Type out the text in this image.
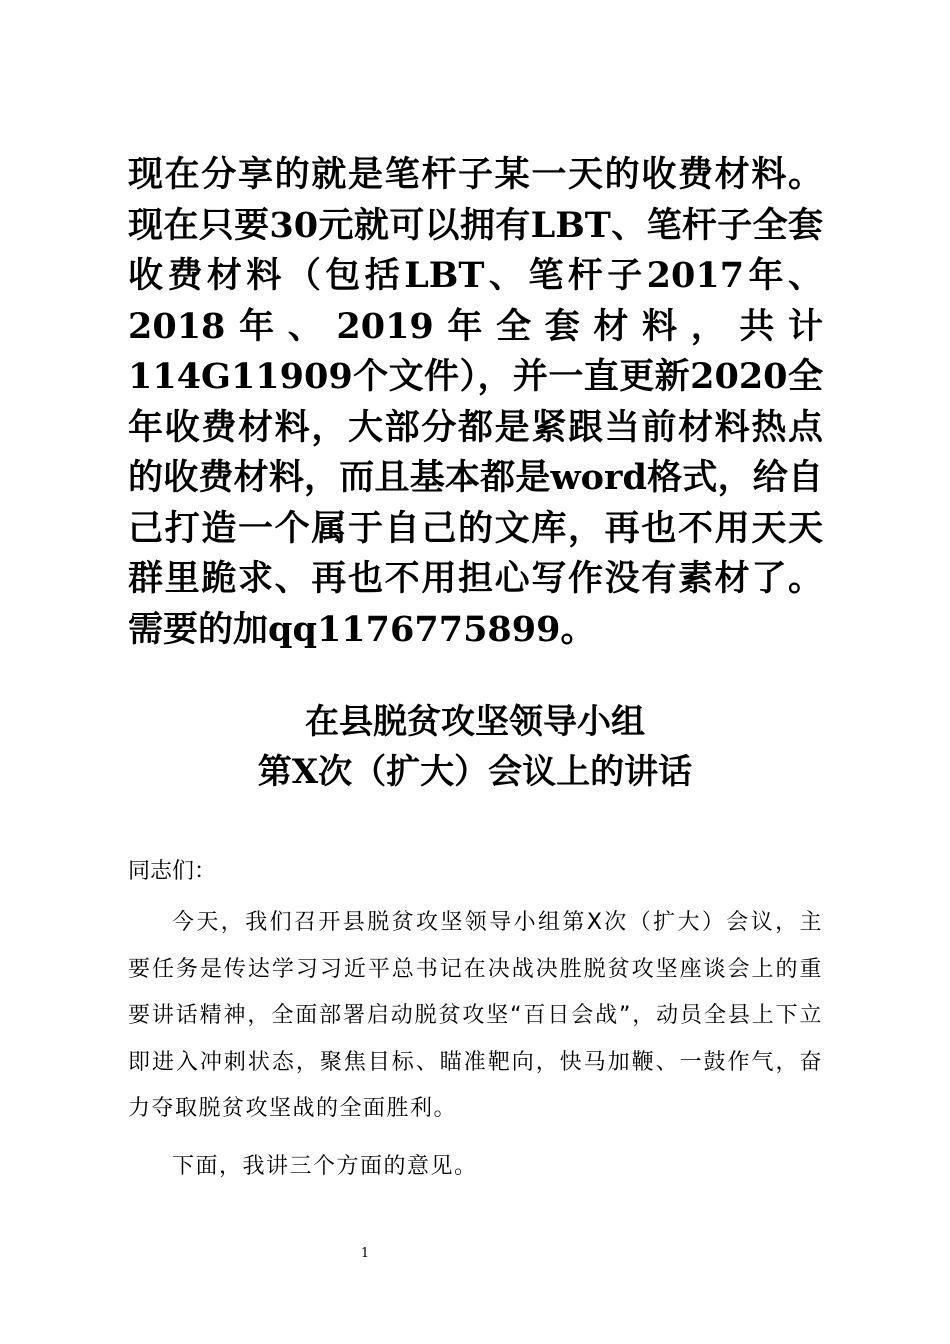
现在分享的就是笔杆子某一天的收费材料。现在只要30元就可以拥有LBT、笔杆子全套收费材料（包括LBT、笔杆子2017年、2018年、2019年全套材料，共计114G11909个文件），并一直更新2020全年收费材料，大部分都是紧跟当前材料热点的收费材料，而且基本都是word格式，给自己打造一个属于自己的文库，再也不用天天群里跪求、再也不用担心写作没有素材了。需要的加qq1176775899。

在县脱贫攻坚领导小组
第X次（扩大）会议上的讲话

同志们：

今天，我们召开县脱贫攻坚领导小组第X次（扩大）会议，主要任务是传达学习习近平总书记在决战决胜脱贫攻坚座谈会上的重要讲话精神，全面部署启动脱贫攻坚“百日会战”，动员全县上下立即进入冲刺状态，聚焦目标、瞄准靶向，快马加鞭、一鼓作气，奋力夺取脱贫攻坚战的全面胜利。

下面，我讲三个方面的意见。

1
